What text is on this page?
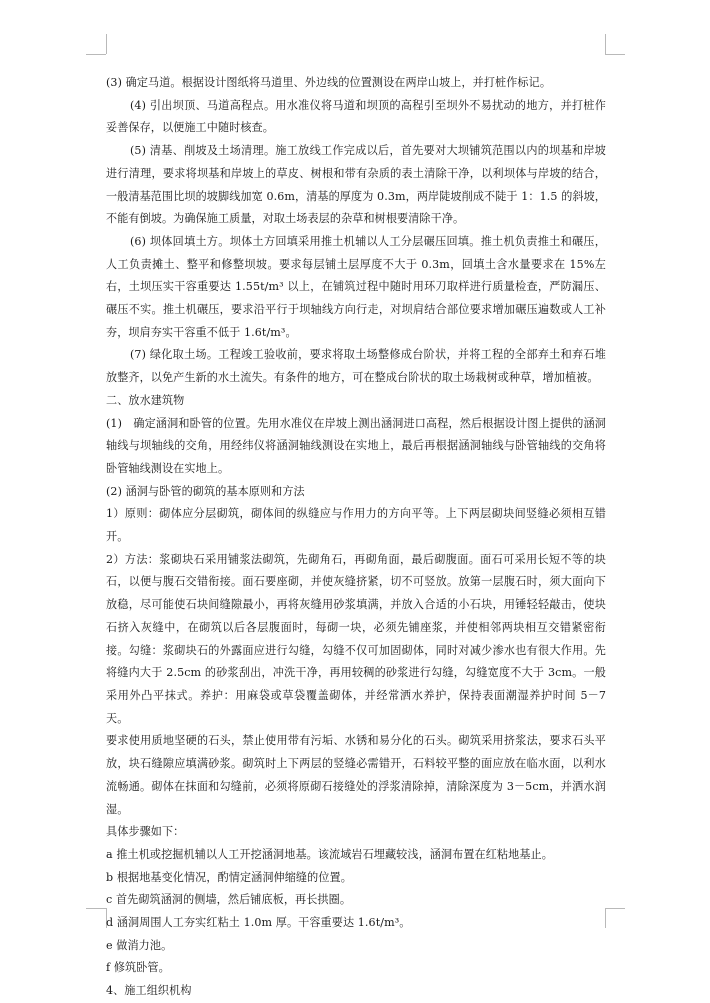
(3) 确定马道。根据设计图纸将马道里、外边线的位置测设在两岸山坡上，并打桩作标记。

(4) 引出坝顶、马道高程点。用水准仪将马道和坝顶的高程引至坝外不易扰动的地方，并打桩作妥善保存，以便施工中随时核查。

(5) 清基、削坡及土场清理。施工放线工作完成以后，首先要对大坝铺筑范围以内的坝基和岸坡进行清理，要求将坝基和岸坡上的草皮、树根和带有杂质的表土清除干净，以利坝体与岸坡的结合，一般清基范围比坝的坡脚线加宽 0.6m，清基的厚度为 0.3m，两岸陡坡削成不陡于 1：1.5 的斜坡，不能有倒坡。为确保施工质量，对取土场表层的杂草和树根要清除干净。

(6) 坝体回填土方。坝体土方回填采用推土机辅以人工分层碾压回填。推土机负责推土和碾压，人工负责摊土、整平和修整坝坡。要求每层铺土层厚度不大于 0.3m，回填土含水量要求在 15%左右，土坝压实干容重要达 1.55t/m³ 以上，在铺筑过程中随时用环刀取样进行质量检查，严防漏压、碾压不实。推土机碾压，要求沿平行于坝轴线方向行走，对坝肩结合部位要求增加碾压遍数或人工补夯，坝肩夯实干容重不低于 1.6t/m³。

(7) 绿化取土场。工程竣工验收前，要求将取土场整修成台阶状，并将工程的全部弃土和弃石堆放整齐，以免产生新的水土流失。有条件的地方，可在整成台阶状的取土场栽树或种草，增加植被。

二、放水建筑物

(1)　确定涵洞和卧管的位置。先用水准仪在岸坡上测出涵洞进口高程，然后根据设计图上提供的涵洞轴线与坝轴线的交角，用经纬仪将涵洞轴线测设在实地上，最后再根据涵洞轴线与卧管轴线的交角将卧管轴线测设在实地上。

(2) 涵洞与卧管的砌筑的基本原则和方法

1）原则：砌体应分层砌筑，砌体间的纵缝应与作用力的方向平等。上下两层砌块间竖缝必须相互错开。

2）方法：浆砌块石采用铺浆法砌筑，先砌角石，再砌角面，最后砌腹面。面石可采用长短不等的块石，以便与腹石交错衔接。面石要座砌，并使灰缝挤紧，切不可竖放。放第一层腹石时，须大面向下放稳，尽可能使石块间缝隙最小，再将灰缝用砂浆填满，并放入合适的小石块，用锤轻轻敲击，使块石挤入灰缝中，在砌筑以后各层腹面时，每砌一块，必须先铺座浆，并使相邻两块相互交错紧密衔接。勾缝：浆砌块石的外露面应进行勾缝，勾缝不仅可加固砌体，同时对减少渗水也有很大作用。先将缝内大于 2.5cm 的砂浆刮出，冲洗干净，再用较稠的砂浆进行勾缝，勾缝宽度不大于 3cm。一般采用外凸平抹式。养护：用麻袋或草袋覆盖砌体，并经常洒水养护，保持表面潮湿养护时间 5－7 天。

要求使用质地坚硬的石头，禁止使用带有污垢、水锈和易分化的石头。砌筑采用挤浆法，要求石头平放，块石缝隙应填满砂浆。砌筑时上下两层的竖缝必需错开，石料较平整的面应放在临水面，以利水流畅通。砌体在抹面和勾缝前，必须将原砌石接缝处的浮浆清除掉，清除深度为 3－5cm，并洒水润湿。

具体步骤如下：

a 推土机或挖掘机辅以人工开挖涵洞地基。该流域岩石埋藏较浅，涵洞布置在红粘地基止。

b 根据地基变化情况，酌情定涵洞伸缩缝的位置。

c 首先砌筑涵洞的侧墙，然后铺底板，再长拱圈。

d 涵洞周围人工夯实红粘土 1.0m 厚。干容重要达 1.6t/m³。

e 做消力池。

f 修筑卧管。

4、施工组织机构
